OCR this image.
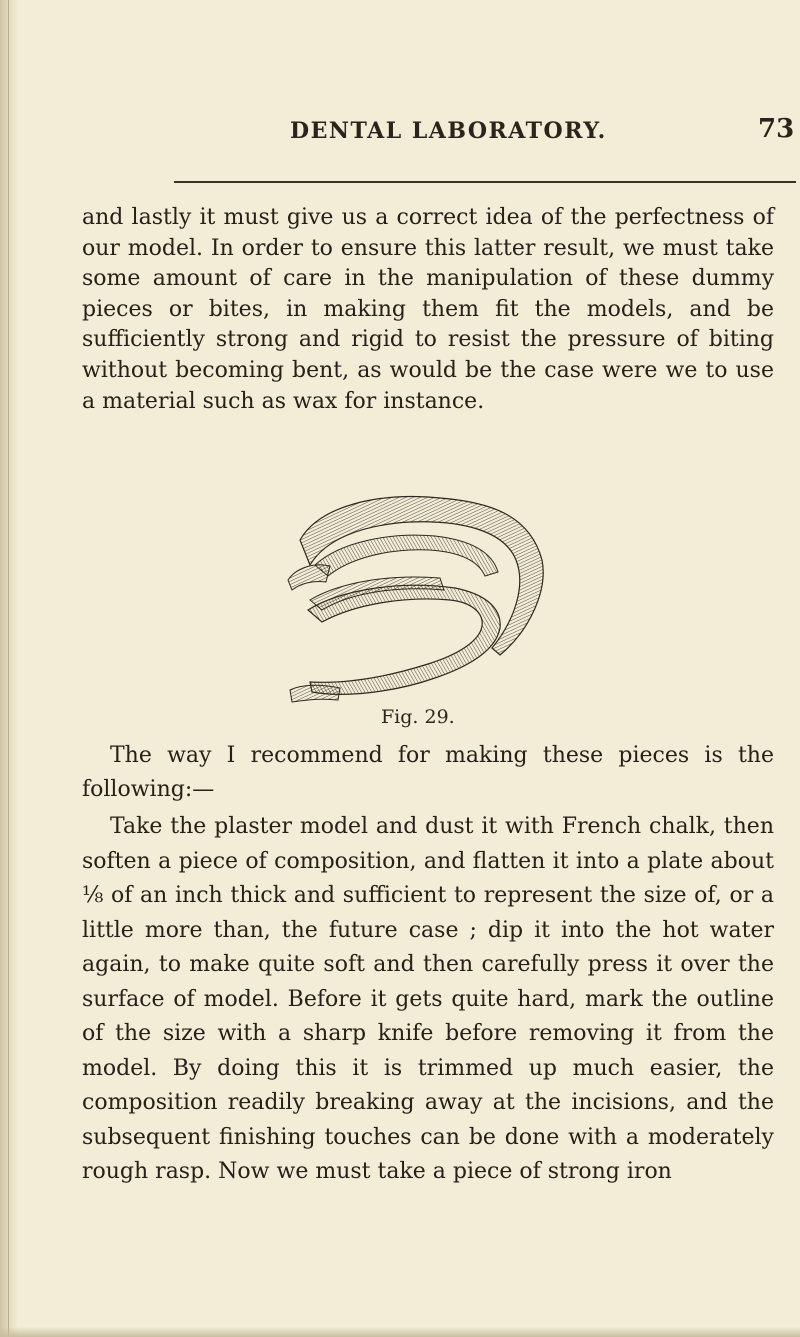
DENTAL LABORATORY.	73

and lastly it must give us a correct idea of the perfectness of our model. In order to ensure this latter result, we must take some amount of care in the manipulation of these dummy pieces or bites, in making them fit the models, and be sufficiently strong and rigid to resist the pressure of biting without becoming bent, as would be the case were we to use a material such as wax for instance.

Fig. 29.

The way I recommend for making these pieces is the following:—

Take the plaster model and dust it with French chalk, then soften a piece of composition, and flatten it into a plate about ⅛ of an inch thick and sufficient to represent the size of, or a little more than, the future case ; dip it into the hot water again, to make quite soft and then carefully press it over the surface of model. Before it gets quite hard, mark the outline of the size with a sharp knife before removing it from the model. By doing this it is trimmed up much easier, the composition readily breaking away at the incisions, and the subsequent finishing touches can be done with a moderately rough rasp. Now we must take a piece of strong iron
